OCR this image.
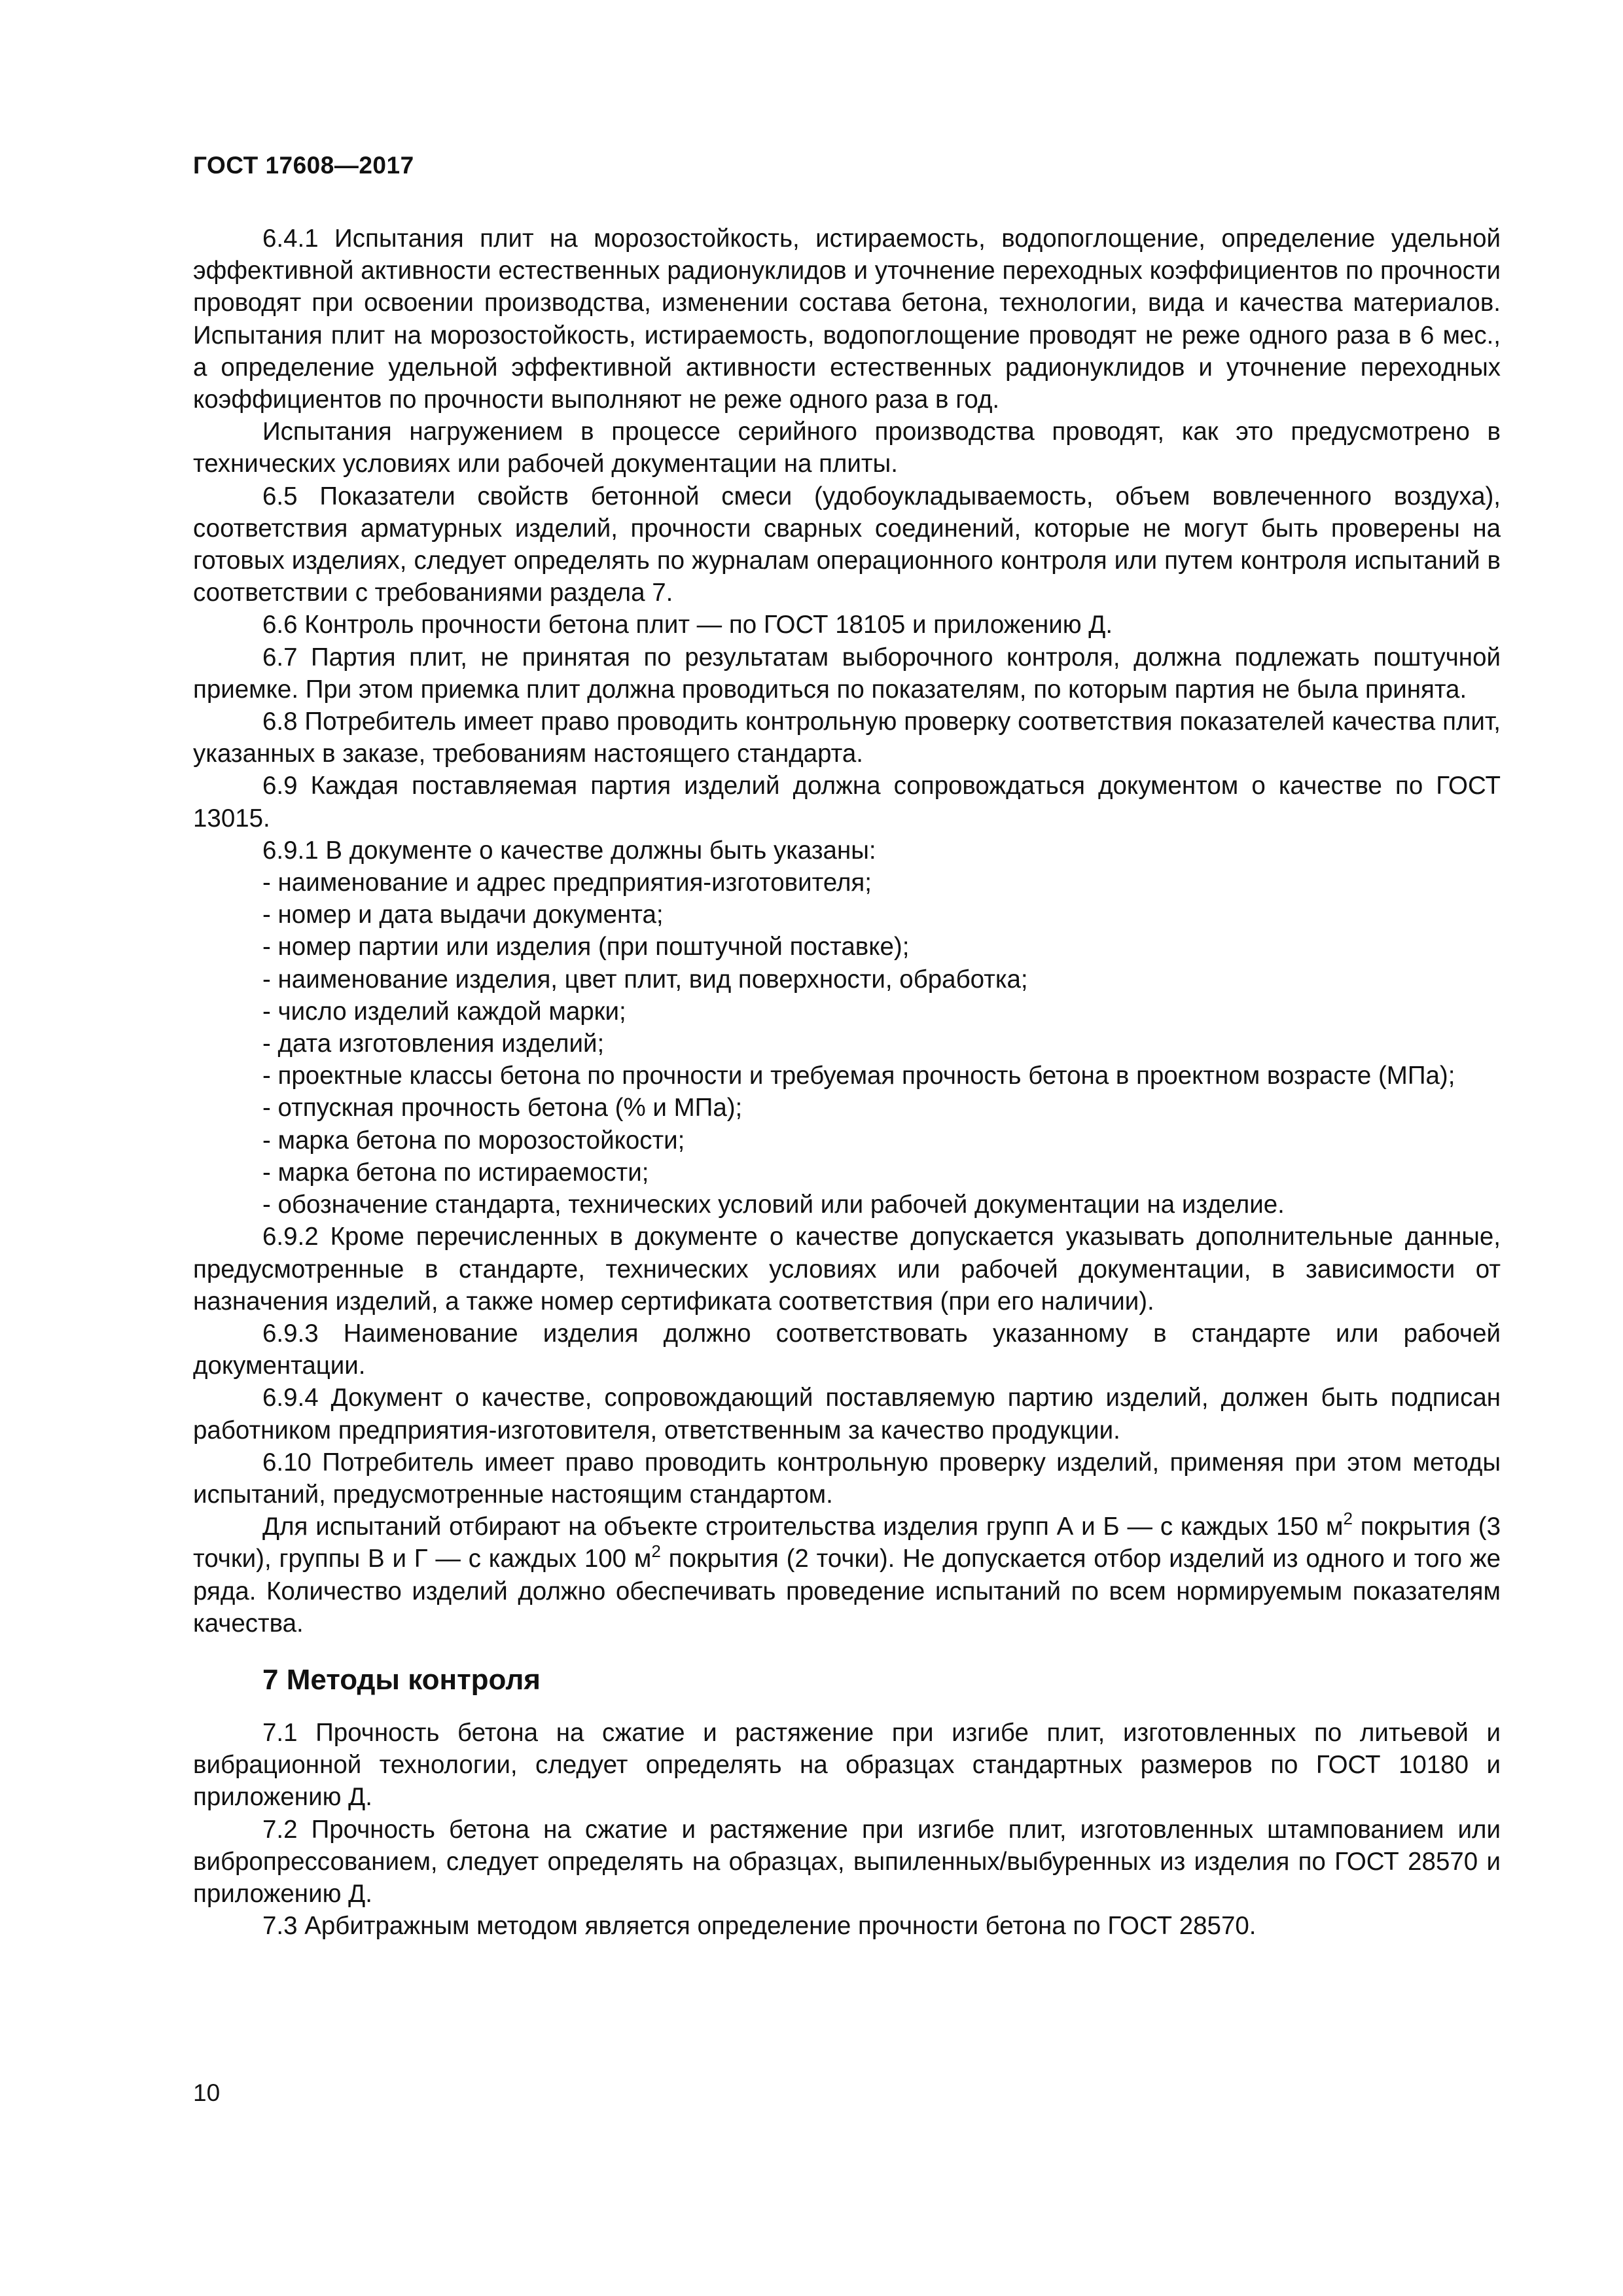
ГОСТ 17608—2017

6.4.1 Испытания плит на морозостойкость, истираемость, водопоглощение, определение удельной эффективной активности естественных радионуклидов и уточнение переходных коэффициентов по прочности проводят при освоении производства, изменении состава бетона, технологии, вида и качества материалов. Испытания плит на морозостойкость, истираемость, водопоглощение проводят не реже одного раза в 6 мес., а определение удельной эффективной активности естественных радионуклидов и уточнение переходных коэффициентов по прочности выполняют не реже одного раза в год.

Испытания нагружением в процессе серийного производства проводят, как это предусмотрено в технических условиях или рабочей документации на плиты.

6.5 Показатели свойств бетонной смеси (удобоукладываемость, объем вовлеченного воздуха), соответствия арматурных изделий, прочности сварных соединений, которые не могут быть проверены на готовых изделиях, следует определять по журналам операционного контроля или путем контроля испытаний в соответствии с требованиями раздела 7.

6.6 Контроль прочности бетона плит — по ГОСТ 18105 и приложению Д.

6.7 Партия плит, не принятая по результатам выборочного контроля, должна подлежать поштучной приемке. При этом приемка плит должна проводиться по показателям, по которым партия не была принята.

6.8 Потребитель имеет право проводить контрольную проверку соответствия показателей качества плит, указанных в заказе, требованиям настоящего стандарта.

6.9 Каждая поставляемая партия изделий должна сопровождаться документом о качестве по ГОСТ 13015.

6.9.1 В документе о качестве должны быть указаны:

- наименование и адрес предприятия-изготовителя;

- номер и дата выдачи документа;

- номер партии или изделия (при поштучной поставке);

- наименование изделия, цвет плит, вид поверхности, обработка;

- число изделий каждой марки;

- дата изготовления изделий;

- проектные классы бетона по прочности и требуемая прочность бетона в проектном возрасте (МПа);

- отпускная прочность бетона (% и МПа);

- марка бетона по морозостойкости;

- марка бетона по истираемости;

- обозначение стандарта, технических условий или рабочей документации на изделие.

6.9.2 Кроме перечисленных в документе о качестве допускается указывать дополнительные данные, предусмотренные в стандарте, технических условиях или рабочей документации, в зависимости от назначения изделий, а также номер сертификата соответствия (при его наличии).

6.9.3 Наименование изделия должно соответствовать указанному в стандарте или рабочей документации.

6.9.4 Документ о качестве, сопровождающий поставляемую партию изделий, должен быть подписан работником предприятия-изготовителя, ответственным за качество продукции.

6.10 Потребитель имеет право проводить контрольную проверку изделий, применяя при этом методы испытаний, предусмотренные настоящим стандартом.

Для испытаний отбирают на объекте строительства изделия групп А и Б — с каждых 150 $м^2$ покрытия (3 точки), группы В и Г — с каждых 100 $м^2$ покрытия (2 точки). Не допускается отбор изделий из одного и того же ряда. Количество изделий должно обеспечивать проведение испытаний по всем нормируемым показателям качества.

7 Методы контроля

7.1 Прочность бетона на сжатие и растяжение при изгибе плит, изготовленных по литьевой и вибрационной технологии, следует определять на образцах стандартных размеров по ГОСТ 10180 и приложению Д.

7.2 Прочность бетона на сжатие и растяжение при изгибе плит, изготовленных штампованием или вибропрессованием, следует определять на образцах, выпиленных/выбуренных из изделия по ГОСТ 28570 и приложению Д.

7.3 Арбитражным методом является определение прочности бетона по ГОСТ 28570.

10
